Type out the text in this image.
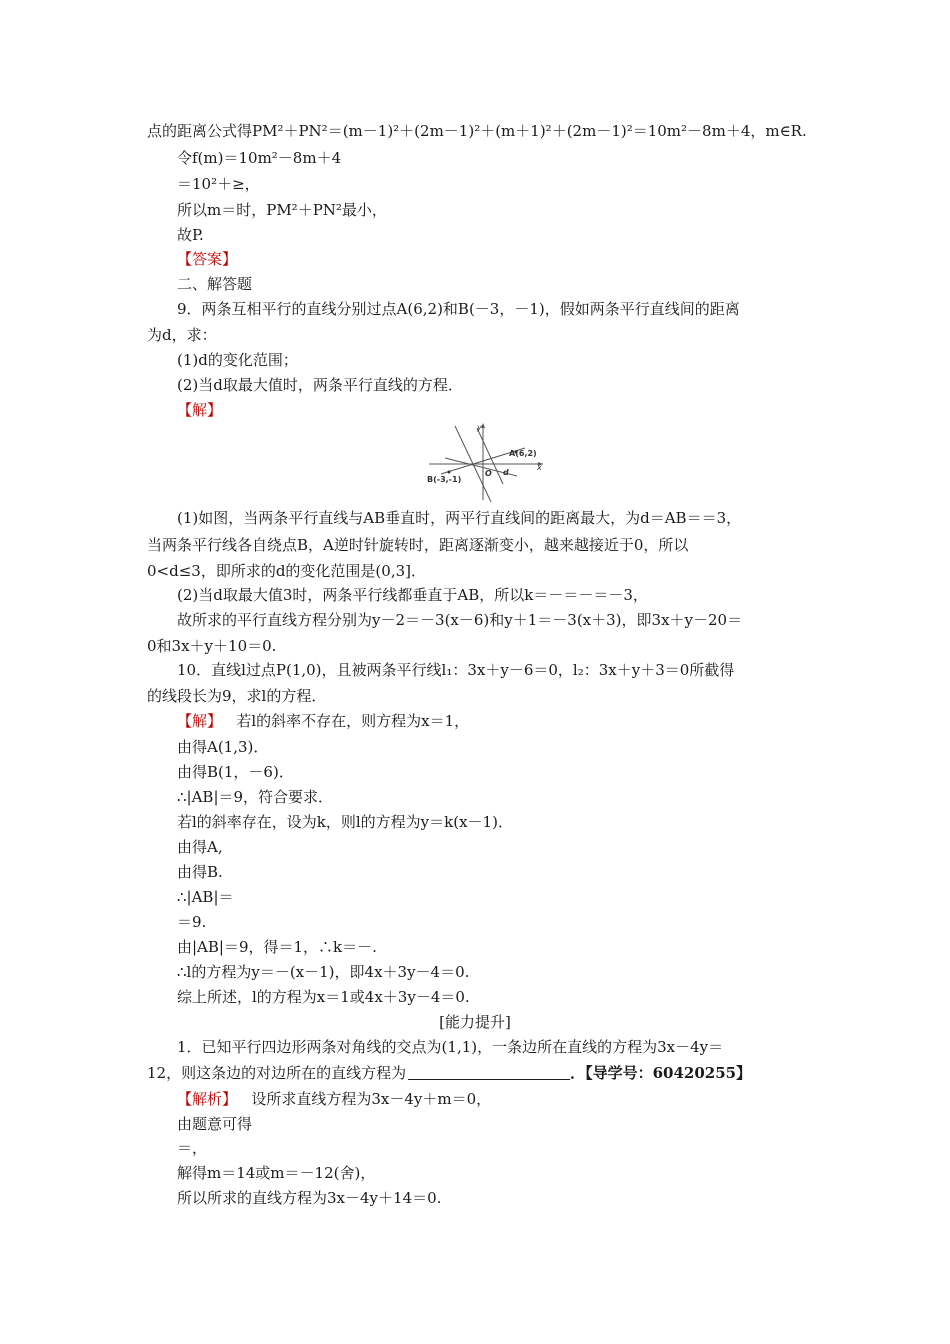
点的距离公式得PM²＋PN²＝(m－1)²＋(2m－1)²＋(m＋1)²＋(2m－1)²＝10m²－8m＋4，m∈R.
令f(m)＝10m²－8m＋4
＝10²＋≥，
所以m＝时，PM²＋PN²最小，
故P.
【答案】
二、解答题
9．两条互相平行的直线分别过点A(6,2)和B(－3，－1)，假如两条平行直线间的距离
为d，求：
(1)d的变化范围；
(2)当d取最大值时，两条平行直线的方程．
【解】
A(6,2)
B(-3,-1)
O d
x
y
(1)如图，当两条平行直线与AB垂直时，两平行直线间的距离最大，为d＝AB＝＝3，
当两条平行线各自绕点B，A逆时针旋转时，距离逐渐变小，越来越接近于0，所以
0<d≤3，即所求的d的变化范围是(0,3]．
(2)当d取最大值3时，两条平行线都垂直于AB，所以k＝－＝－＝－3，
故所求的平行直线方程分别为y－2＝－3(x－6)和y＋1＝－3(x＋3)，即3x＋y－20＝
0和3x＋y＋10＝0.
10．直线l过点P(1,0)，且被两条平行线l₁：3x＋y－6＝0，l₂：3x＋y＋3＝0所截得
的线段长为9，求l的方程．
【解】 若l的斜率不存在，则方程为x＝1，
由得A(1,3)．
由得B(1，－6)．
∴|AB|＝9，符合要求．
若l的斜率存在，设为k，则l的方程为y＝k(x－1)．
由得A,
由得B.
∴|AB|＝
＝9.
由|AB|＝9，得＝1，∴k＝－.
∴l的方程为y＝－(x－1)，即4x＋3y－4＝0.
综上所述，l的方程为x＝1或4x＋3y－4＝0.
[能力提升]
1．已知平行四边形两条对角线的交点为(1,1)，一条边所在直线的方程为3x－4y＝
12，则这条边的对边所在的直线方程为	．【导学号：60420255】
【解析】 设所求直线方程为3x－4y＋m＝0，
由题意可得
＝，
解得m＝14或m＝－12(舍)，
所以所求的直线方程为3x－4y＋14＝0.
